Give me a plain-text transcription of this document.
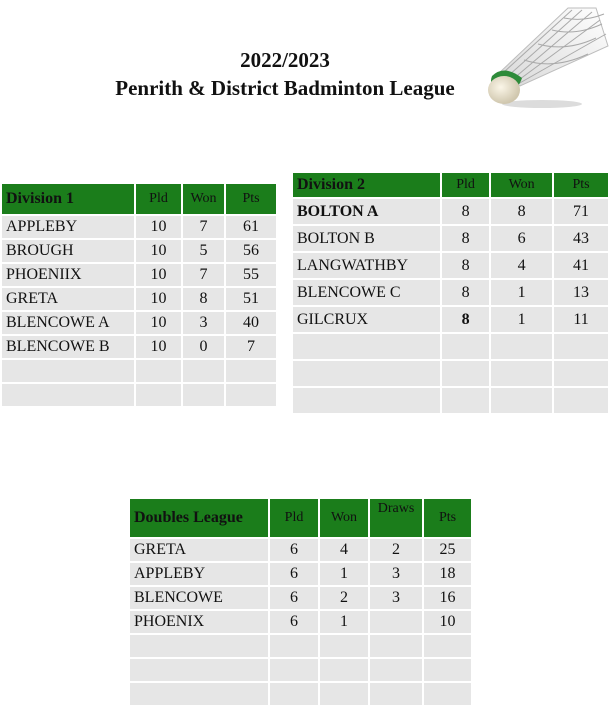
2022/2023
Penrith & District Badminton League
Division 1	Pld	Won	Pts
APPLEBY	10	7	61
BROUGH	10	5	56
PHOENIIX	10	7	55
GRETA	10	8	51
BLENCOWE A	10	3	40
BLENCOWE B	10	0	7

Division 2	Pld	Won	Pts
BOLTON A	8	8	71
BOLTON B	8	6	43
LANGWATHBY	8	4	41
BLENCOWE C	8	1	13
GILCRUX	8	1	11

Doubles League	Pld	Won	Draws	Pts
GRETA	6	4	2	25
APPLEBY	6	1	3	18
BLENCOWE	6	2	3	16
PHOENIX	6	1		10
